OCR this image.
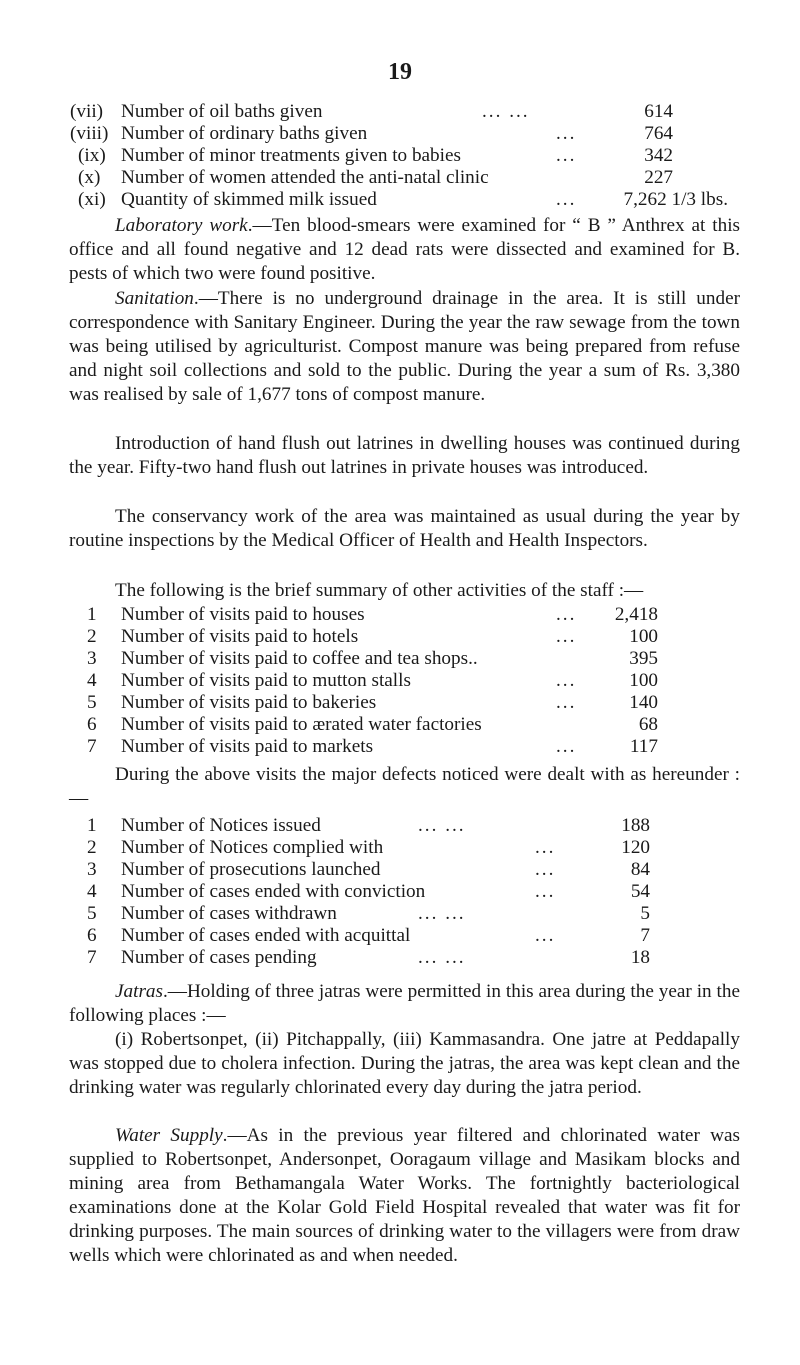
19
(vii) Number of oil baths given	... ...	614
(viii) Number of ordinary baths given	...	764
(ix) Number of minor treatments given to babies	...	342
(x) Number of women attended the anti-natal clinic	227
(xi) Quantity of skimmed milk issued	... 7,262 1/3 lbs.
Laboratory work.—Ten blood-smears were examined for “ B ” Anthrex at this office and all found negative and 12 dead rats were dissected and examined for B. pests of which two were found positive.
Sanitation.—There is no underground drainage in the area. It is still under correspondence with Sanitary Engineer. During the year the raw sewage from the town was being utilised by agriculturist. Compost manure was being prepared from refuse and night soil collections and sold to the public. During the year a sum of Rs. 3,380 was realised by sale of 1,677 tons of compost manure.
Introduction of hand flush out latrines in dwelling houses was continued during the year. Fifty-two hand flush out latrines in private houses was introduced.
The conservancy work of the area was maintained as usual during the year by routine inspections by the Medical Officer of Health and Health Inspectors.
The following is the brief summary of other activities of the staff :—
1 Number of visits paid to houses	... 2,418
2 Number of visits paid to hotels	...	100
3 Number of visits paid to coffee and tea shops..	395
4 Number of visits paid to mutton stalls	...	100
5 Number of visits paid to bakeries	...	140
6 Number of visits paid to ærated water factories	68
7 Number of visits paid to markets	...	117
During the above visits the major defects noticed were dealt with as hereunder :—
1 Number of Notices issued	... ...	188
2 Number of Notices complied with	...	120
3 Number of prosecutions launched	...	84
4 Number of cases ended with conviction	...	54
5 Number of cases withdrawn	... ...	5
6 Number of cases ended with acquittal	...	7
7 Number of cases pending	... ...	18
Jatras.—Holding of three jatras were permitted in this area during the year in the following places :—
(i) Robertsonpet, (ii) Pitchappally, (iii) Kammasandra. One jatre at Peddapally was stopped due to cholera infection. During the jatras, the area was kept clean and the drinking water was regularly chlorinated every day during the jatra period.
Water Supply.—As in the previous year filtered and chlorinated water was supplied to Robertsonpet, Andersonpet, Ooragaum village and Masikam blocks and mining area from Bethamangala Water Works. The fortnightly bacteriological examinations done at the Kolar Gold Field Hospital revealed that water was fit for drinking purposes. The main sources of drinking water to the villagers were from draw wells which were chlorinated as and when needed.
